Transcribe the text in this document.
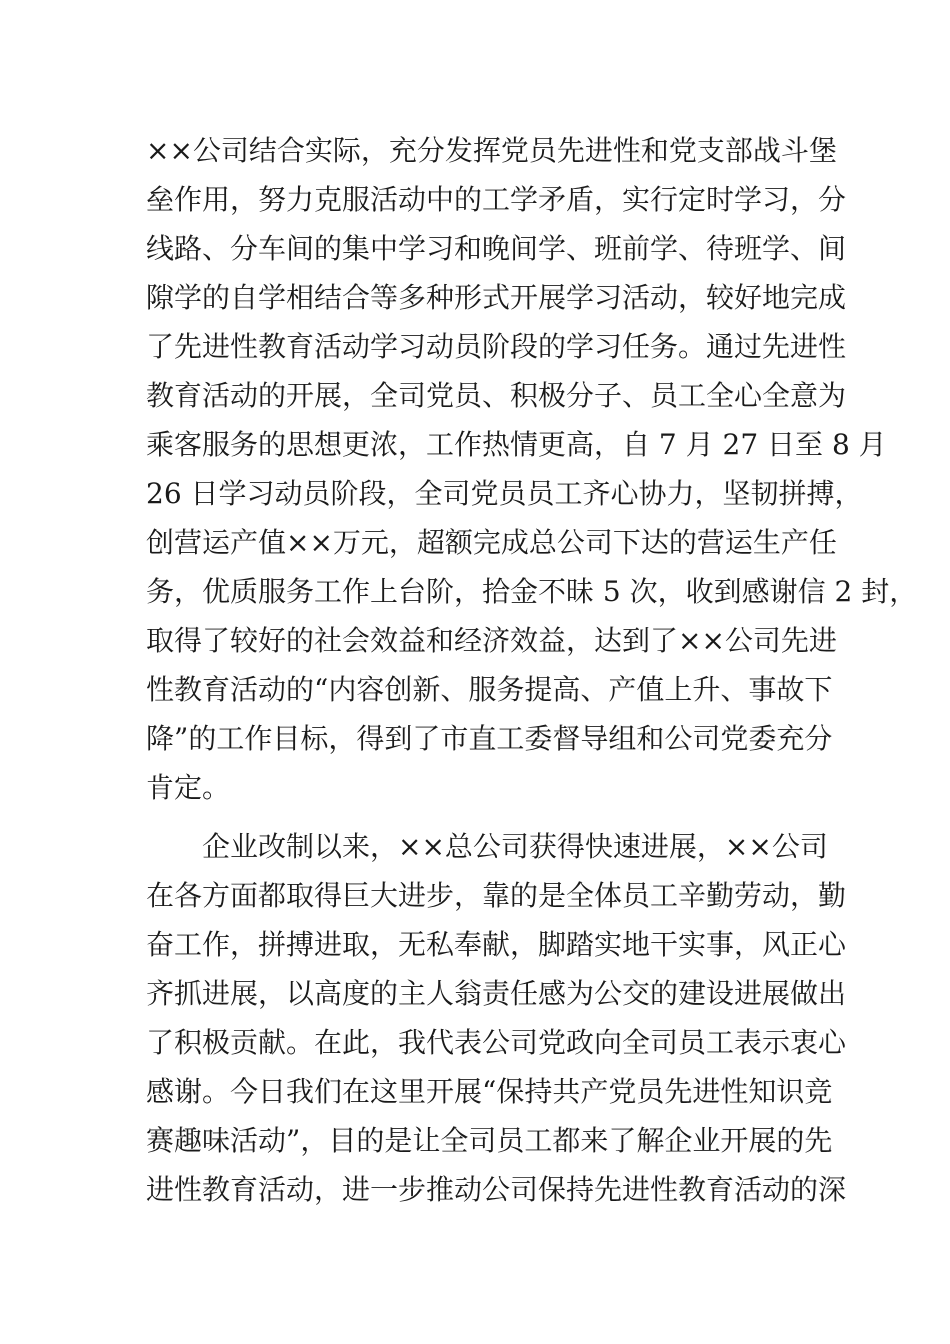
××公司结合实际，充分发挥党员先进性和党支部战斗堡
垒作用，努力克服活动中的工学矛盾，实行定时学习，分
线路、分车间的集中学习和晚间学、班前学、待班学、间
隙学的自学相结合等多种形式开展学习活动，较好地完成
了先进性教育活动学习动员阶段的学习任务。通过先进性
教育活动的开展，全司党员、积极分子、员工全心全意为
乘客服务的思想更浓，工作热情更高，自 7 月 27 日至 8 月
26 日学习动员阶段，全司党员员工齐心协力，坚韧拼搏，
创营运产值××万元，超额完成总公司下达的营运生产任
务，优质服务工作上台阶，拾金不昧 5 次，收到感谢信 2 封，
取得了较好的社会效益和经济效益，达到了××公司先进
性教育活动的“内容创新、服务提高、产值上升、事故下
降”的工作目标，得到了市直工委督导组和公司党委充分
肯定。
企业改制以来，××总公司获得快速进展，××公司
在各方面都取得巨大进步，靠的是全体员工辛勤劳动，勤
奋工作，拼搏进取，无私奉献，脚踏实地干实事，风正心
齐抓进展，以高度的主人翁责任感为公交的建设进展做出
了积极贡献。在此，我代表公司党政向全司员工表示衷心
感谢。今日我们在这里开展“保持共产党员先进性知识竞
赛趣味活动”，目的是让全司员工都来了解企业开展的先
进性教育活动，进一步推动公司保持先进性教育活动的深
